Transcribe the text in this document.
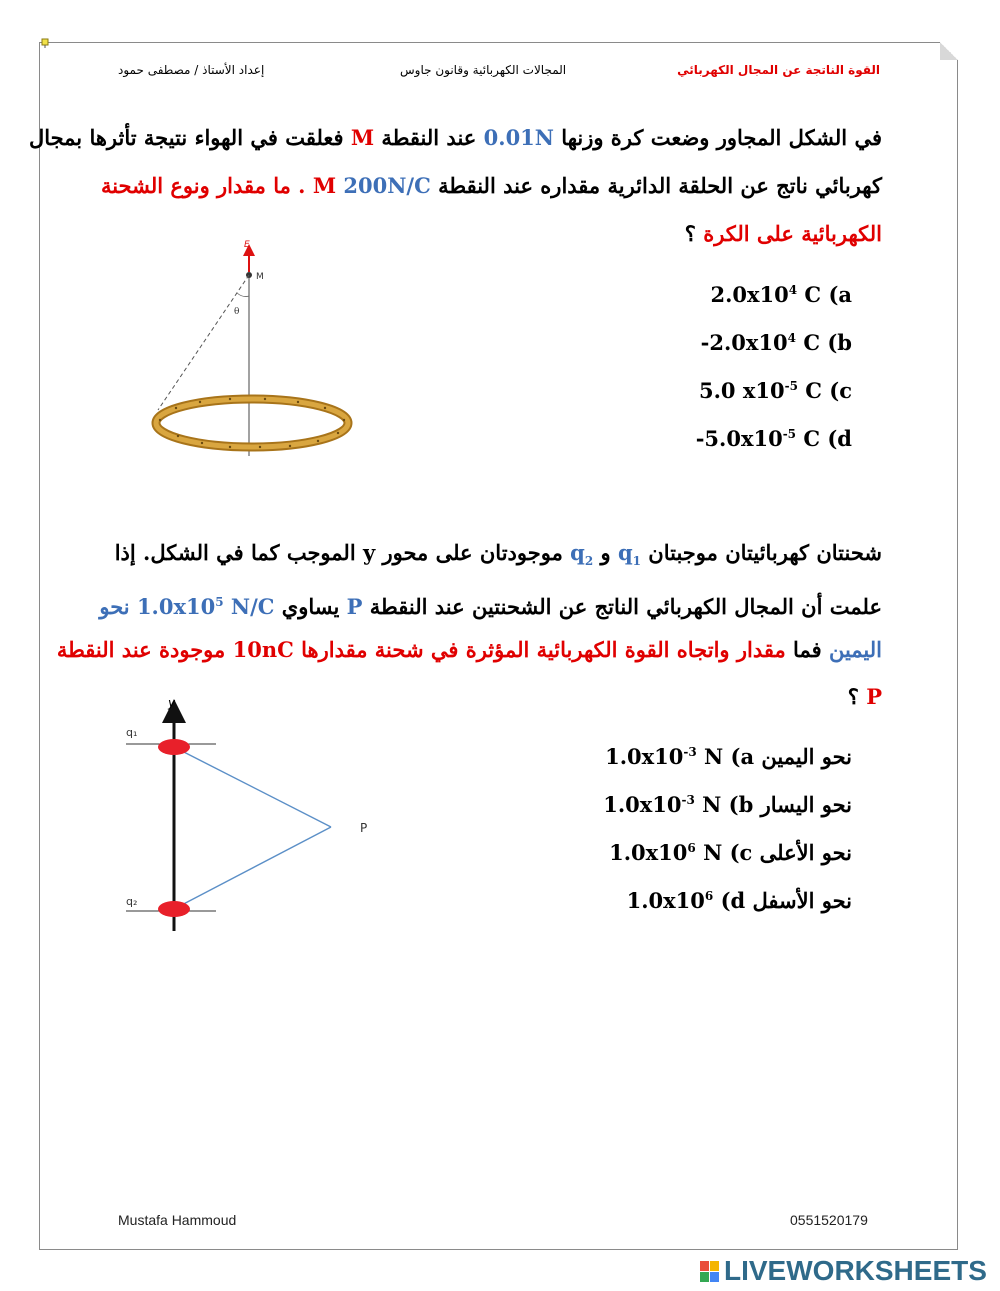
القوة الناتجة عن المجال الكهربائي
المجالات الكهربائية وقانون جاوس
إعداد الأستاذ / مصطفى حمود
في الشكل المجاور وضعت كرة وزنها 0.01N عند النقطة M فعلقت في الهواء نتيجة تأثرها بمجال
كهربائي ناتج عن الحلقة الدائرية مقداره عند النقطة M 200N/C . ما مقدار ونوع الشحنة
الكهربائية على الكرة ؟
E
M
θ
$2.0x10^4$ C (a
$-2.0x10^4$ C (b
5.0 $x10^{-5}$ C (c
$-5.0x10^{-5}$ C (d
شحنتان كهربائيتان موجبتان $q_1$ و $q_2$ موجودتان على محور y الموجب كما في الشكل. إذا
علمت أن المجال الكهربائي الناتج عن الشحنتين عند النقطة P يساوي $1.0x10^5$ N/C نحو
اليمين فما مقدار واتجاه القوة الكهربائية المؤثرة في شحنة مقدارها 10nC موجودة عند النقطة
P ؟
y
q₁
q₂
P
نحو اليمين $1.0x10^{-3}$ N (a
نحو اليسار $1.0x10^{-3}$ N (b
نحو الأعلى $1.0x10^6$ N (c
نحو الأسفل $1.0x10^6$ (d
Mustafa Hammoud	0551520179
LIVEWORKSHEETS
